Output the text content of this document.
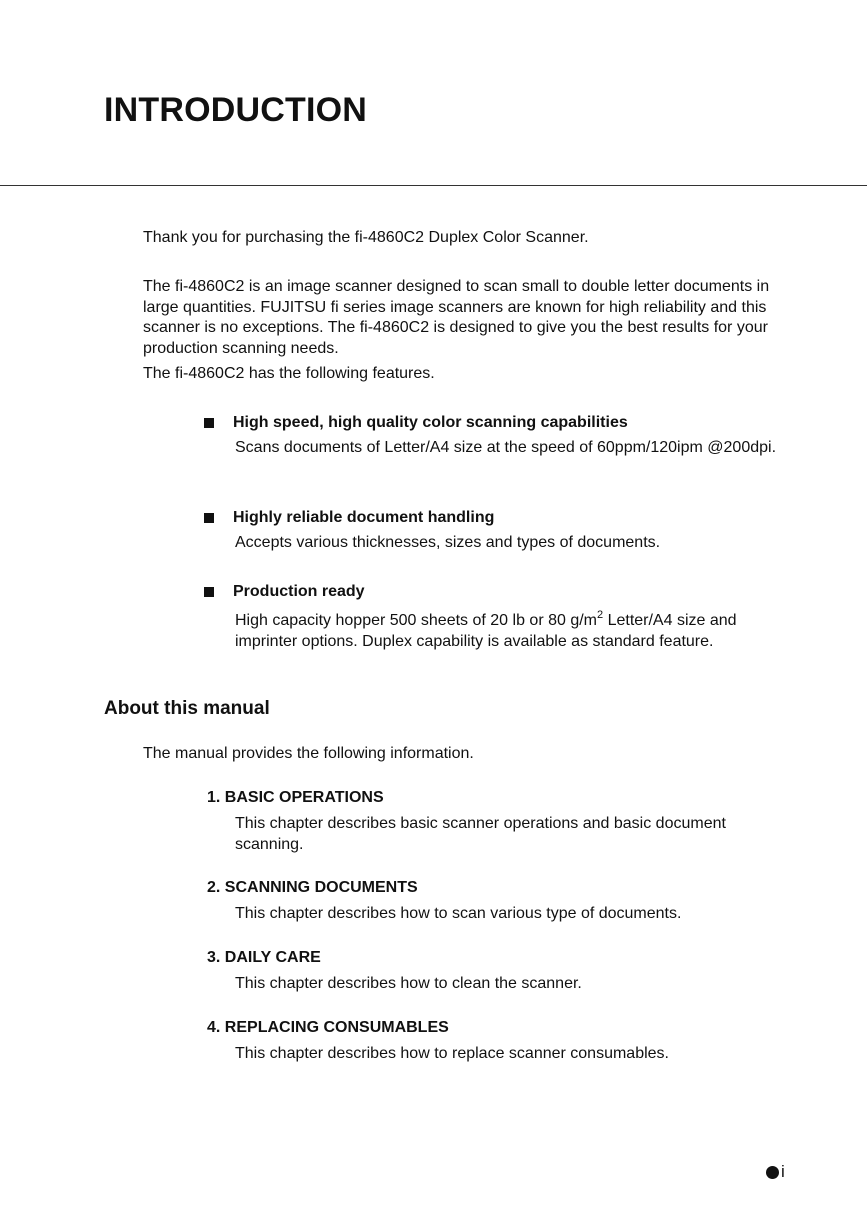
INTRODUCTION

Thank you for purchasing the fi-4860C2 Duplex Color Scanner.

The fi-4860C2 is an image scanner designed to scan small to double letter documents in large quantities. FUJITSU fi series image scanners are known for high reliability and this scanner is no exceptions. The fi-4860C2 is designed to give you the best results for your production scanning needs.

The fi-4860C2 has the following features.

High speed, high quality color scanning capabilities
Scans documents of Letter/A4 size at the speed of 60ppm/120ipm @200dpi.
Highly reliable document handling
Accepts various thicknesses, sizes and types of documents.
Production ready
High capacity hopper 500 sheets of 20 lb or 80 $g/m^2$ Letter/A4 size and imprinter options. Duplex capability is available as standard feature.
About this manual

The manual provides the following information.

1. BASIC OPERATIONS
This chapter describes basic scanner operations and basic document scanning.
2. SCANNING DOCUMENTS
This chapter describes how to scan various type of documents.
3. DAILY CARE
This chapter describes how to clean the scanner.
4. REPLACING CONSUMABLES
This chapter describes how to replace scanner consumables.
i
